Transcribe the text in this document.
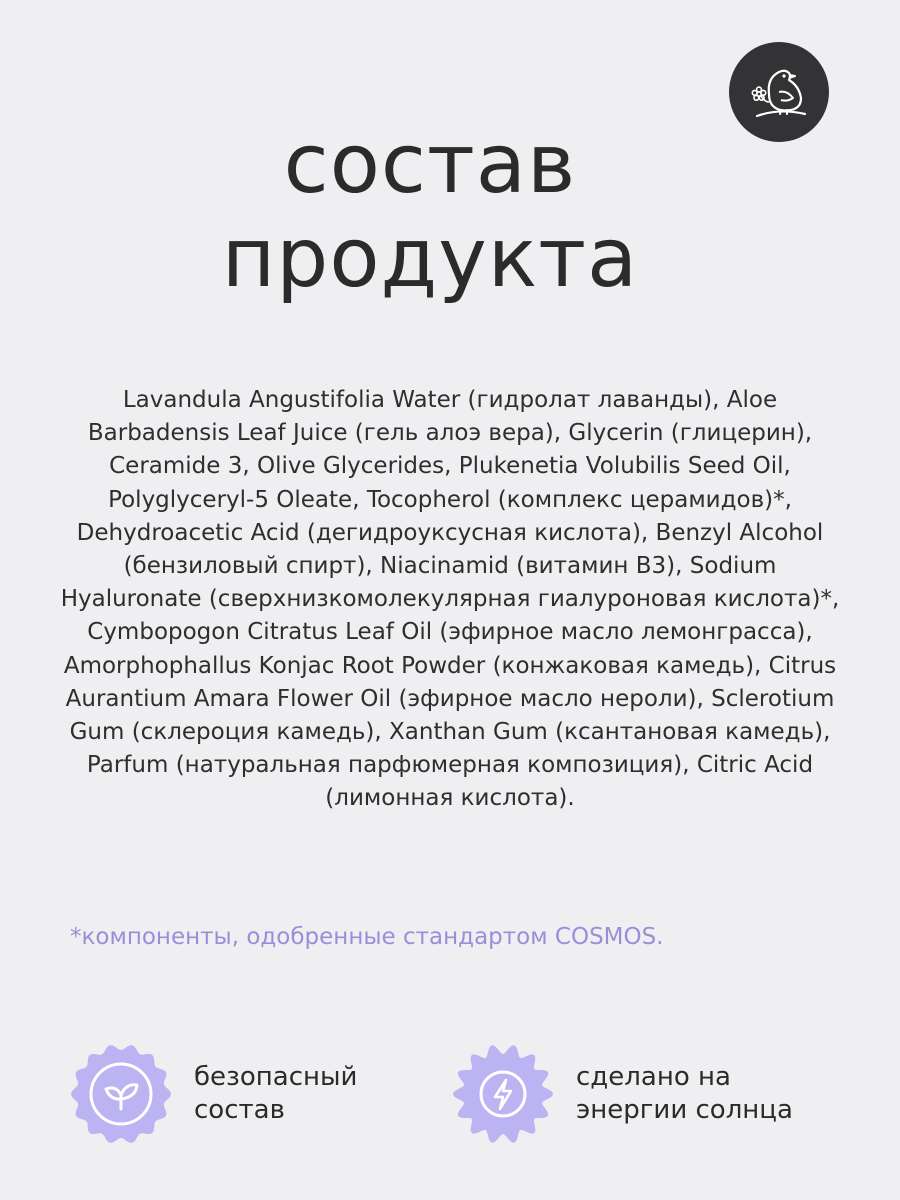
состав
продукта

Lavandula Angustifolia Water (гидролат лаванды), Aloe Barbadensis Leaf Juice (гель алоэ вера), Glycerin (глицерин), Ceramide 3, Olive Glycerides, Plukenetia Volubilis Seed Oil, Polyglyceryl-5 Oleate, Tocopherol (комплекс церамидов)*, Dehydroacetic Acid (дегидроуксусная кислота), Benzyl Alcohol (бензиловый спирт), Niacinamid (витамин B3), Sodium Hyaluronate (сверхнизкомолекулярная гиалуроновая кислота)*, Cymbopogon Citratus Leaf Oil (эфирное масло лемонграсса), Amorphophallus Konjac Root Powder (конжаковая камедь), Citrus Aurantium Amara Flower Oil (эфирное масло нероли), Sclerotium Gum (склероция камедь), Xanthan Gum (ксантановая камедь), Parfum (натуральная парфюмерная композиция), Citric Acid (лимонная кислота).

*компоненты, одобренные стандартом COSMOS.

безопасный
состав
сделано на
энергии солнца
